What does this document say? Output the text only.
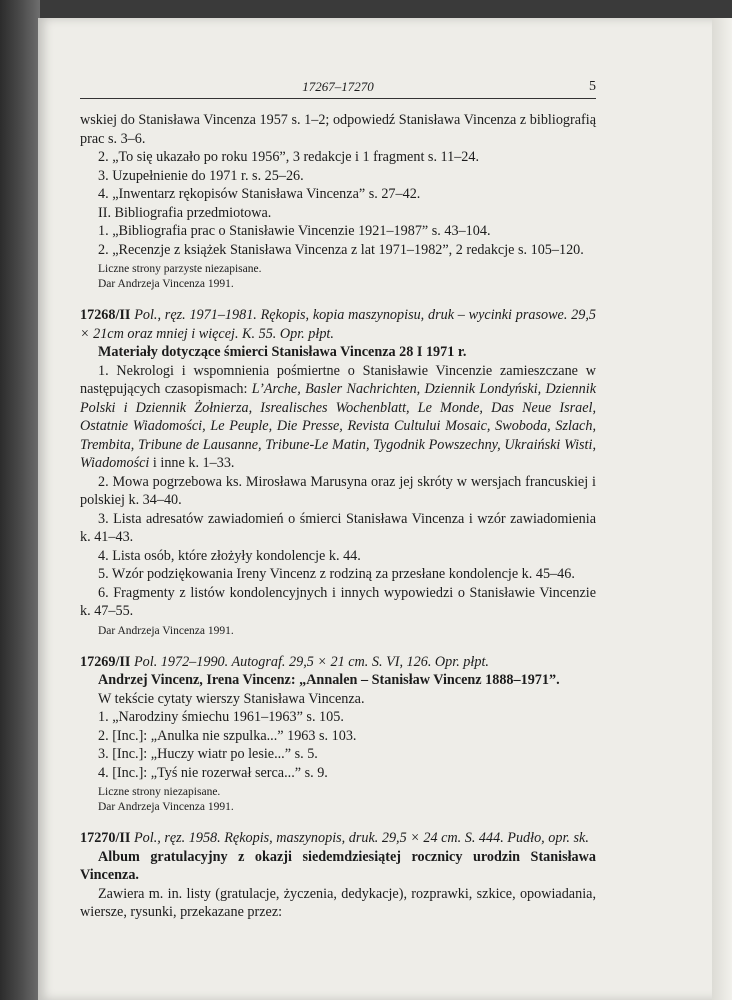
17267–17270	5

wskiej do Stanisława Vincenza 1957 s. 1–2; odpowiedź Stanisława Vincenza z bibliografią prac s. 3–6.

2. „To się ukazało po roku 1956”, 3 redakcje i 1 fragment s. 11–24.

3. Uzupełnienie do 1971 r. s. 25–26.

4. „Inwentarz rękopisów Stanisława Vincenza” s. 27–42.

II. Bibliografia przedmiotowa.

1. „Bibliografia prac o Stanisławie Vincenzie 1921–1987” s. 43–104.

2. „Recenzje z książek Stanisława Vincenza z lat 1971–1982”, 2 redakcje s. 105–120.

Liczne strony parzyste niezapisane.

Dar Andrzeja Vincenza 1991.

17268/II Pol., ręz. 1971–1981. Rękopis, kopia maszynopisu, druk – wycinki prasowe. 29,5 × 21cm oraz mniej i więcej. K. 55. Opr. płpt.

Materiały dotyczące śmierci Stanisława Vincenza 28 I 1971 r.

1. Nekrologi i wspomnienia pośmiertne o Stanisławie Vincenzie zamieszczane w następujących czasopismach: L’Arche, Basler Nachrichten, Dziennik Londyński, Dziennik Polski i Dziennik Żołnierza, Isrealisches Wochenblatt, Le Monde, Das Neue Israel, Ostatnie Wiadomości, Le Peuple, Die Presse, Revista Cultului Mosaic, Swoboda, Szlach, Trembita, Tribune de Lausanne, Tribune-Le Matin, Tygodnik Powszechny, Ukraiński Wisti, Wiadomości i inne k. 1–33.

2. Mowa pogrzebowa ks. Mirosława Marusyna oraz jej skróty w wersjach francuskiej i polskiej k. 34–40.

3. Lista adresatów zawiadomień o śmierci Stanisława Vincenza i wzór zawiadomienia k. 41–43.

4. Lista osób, które złożyły kondolencje k. 44.

5. Wzór podziękowania Ireny Vincenz z rodziną za przesłane kondolencje k. 45–46.

6. Fragmenty z listów kondolencyjnych i innych wypowiedzi o Stanisławie Vincenzie k. 47–55.

Dar Andrzeja Vincenza 1991.

17269/II Pol. 1972–1990. Autograf. 29,5 × 21 cm. S. VI, 126. Opr. płpt.

Andrzej Vincenz, Irena Vincenz: „Annalen – Stanisław Vincenz 1888–1971”.

W tekście cytaty wierszy Stanisława Vincenza.

1. „Narodziny śmiechu 1961–1963” s. 105.

2. [Inc.]: „Anulka nie szpulka...” 1963 s. 103.

3. [Inc.]: „Huczy wiatr po lesie...” s. 5.

4. [Inc.]: „Tyś nie rozerwał serca...” s. 9.

Liczne strony niezapisane.

Dar Andrzeja Vincenza 1991.

17270/II Pol., ręz. 1958. Rękopis, maszynopis, druk. 29,5 × 24 cm. S. 444. Pudło, opr. sk.

Album gratulacyjny z okazji siedemdziesiątej rocznicy urodzin Stanisława Vincenza.

Zawiera m. in. listy (gratulacje, życzenia, dedykacje), rozprawki, szkice, opowiadania, wiersze, rysunki, przekazane przez:
